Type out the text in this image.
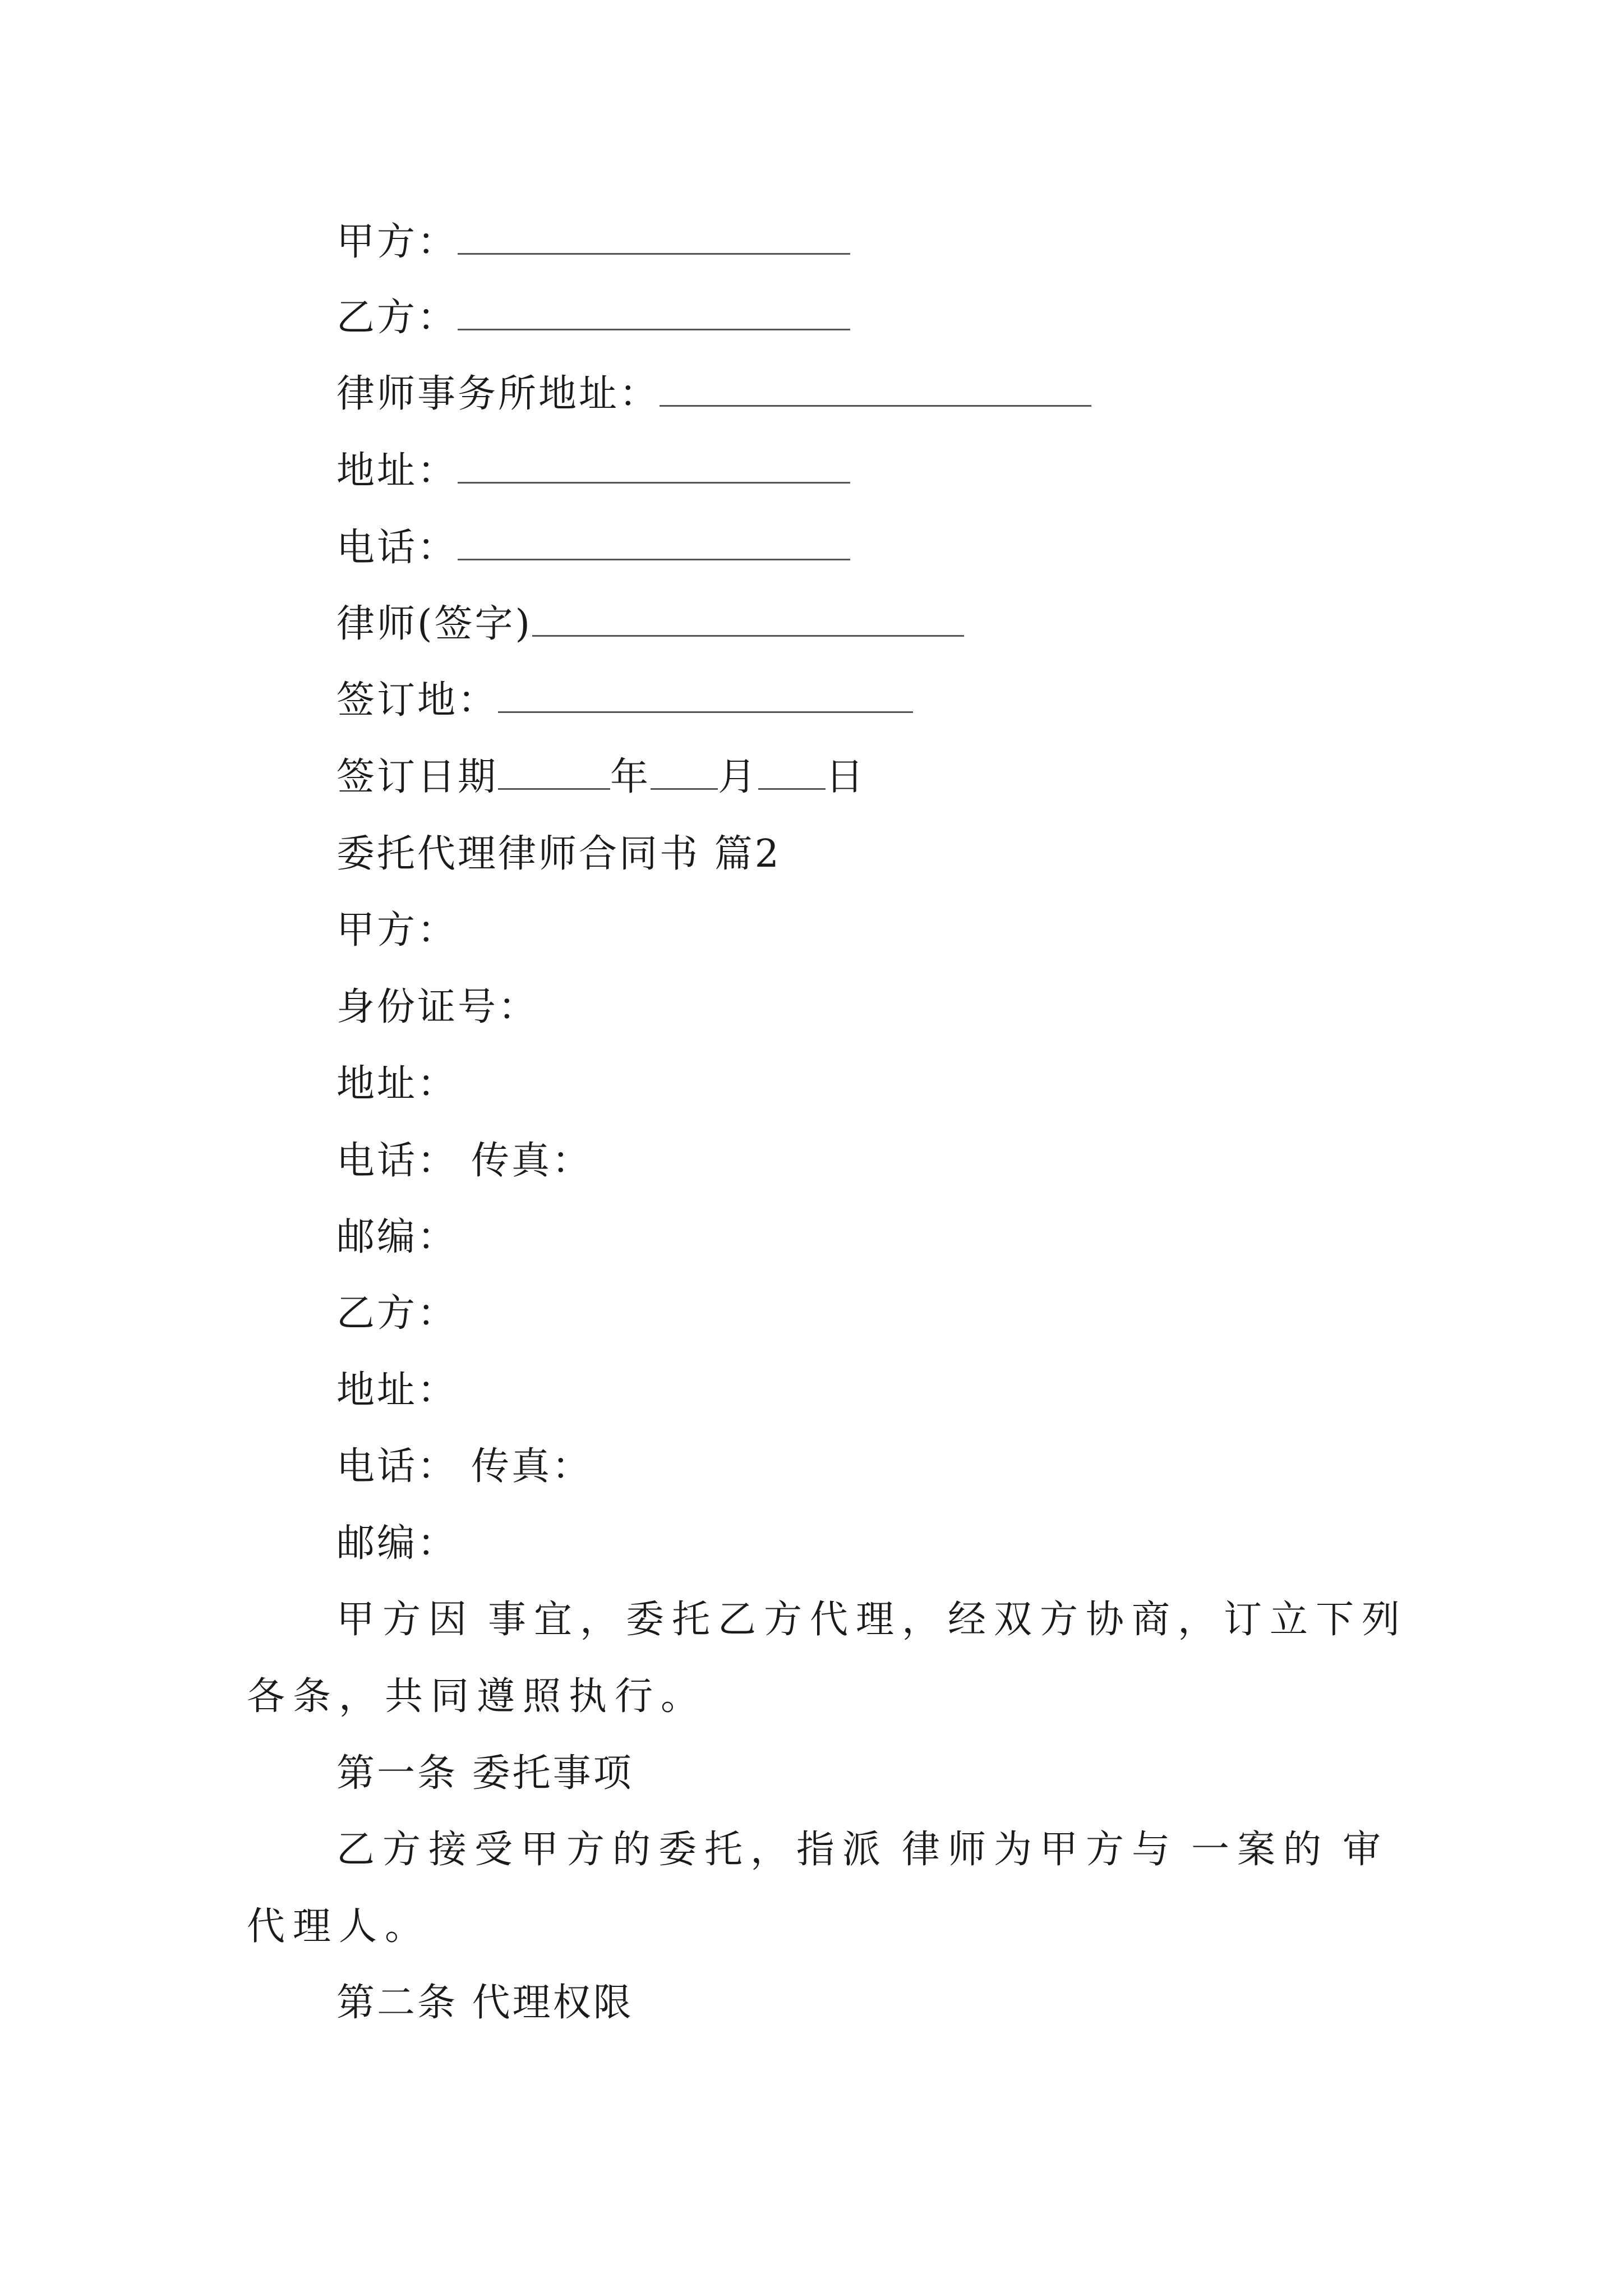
甲方：
乙方：
律师事务所地址：
地址：
电话：
律师(签字)
签订地：
签订日期	年 月 日
委托代理律师合同书 篇2
甲方：
身份证号：
地址：
电话： 传真：
邮编：
乙方：
地址：
电话： 传真：
邮编：
甲方因 事宜，委托乙方代理，经双方协商，订立下列
各条，共同遵照执行。
第一条 委托事项
乙方接受甲方的委托，指派 律师为甲方与 一案的 审
代理人。
第二条 代理权限
